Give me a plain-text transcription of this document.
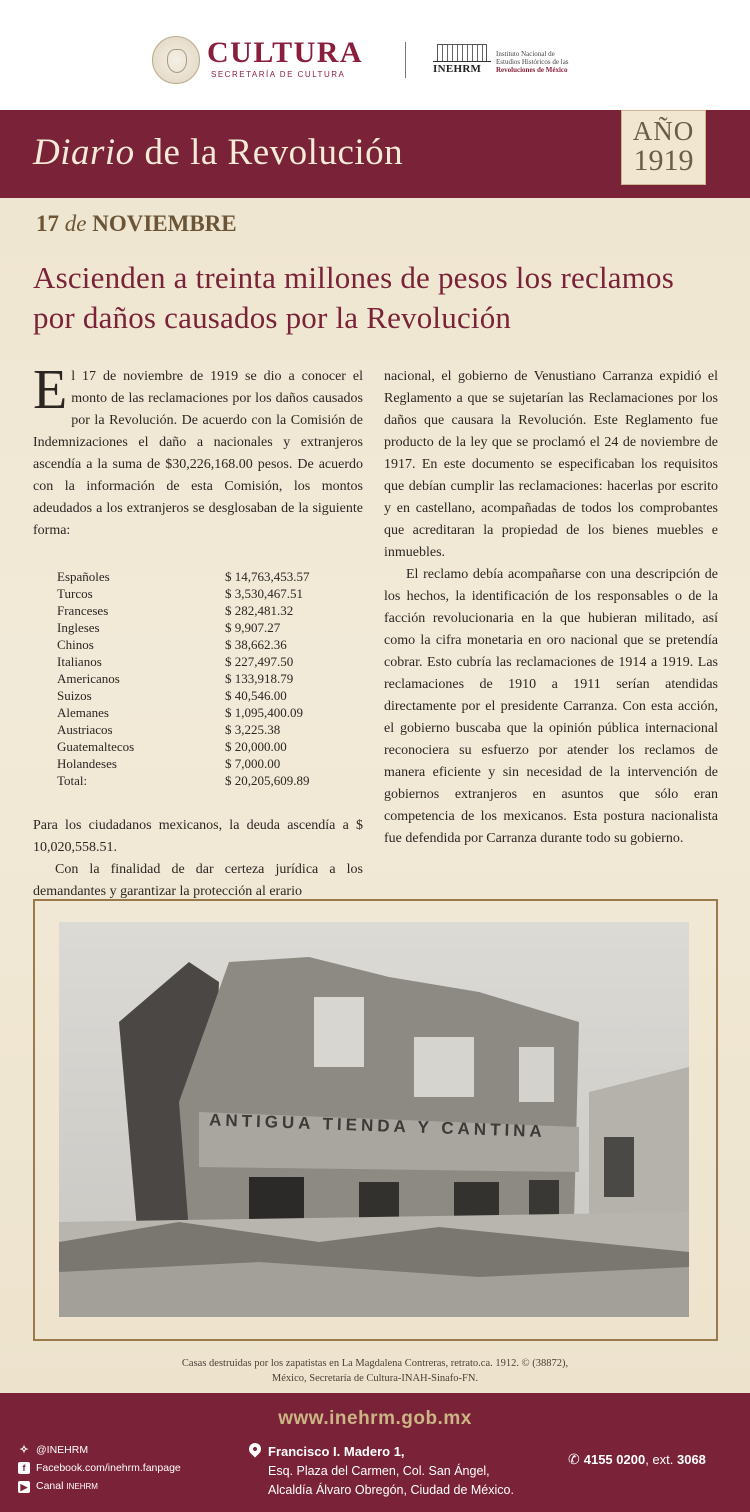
CULTURA
SECRETARÍA DE CULTURA	INEHRM
Instituto Nacional de
Estudios Históricos de las
Revoluciones de México
Diario de la Revolución
AÑO
1919
17 de NOVIEMBRE
Ascienden a treinta millones de pesos los reclamos por daños causados por la Revolución

El 17 de noviembre de 1919 se dio a conocer el monto de las reclamaciones por los daños causados por la Revolución. De acuerdo con la Comisión de Indemnizaciones el daño a nacionales y extranjeros ascendía a la suma de $30,226,168.00 pesos. De acuerdo con la información de esta Comisión, los montos adeudados a los extranjeros se desglosaban de la siguiente forma:

Españoles	$ 14,763,453.57
Turcos	$ 3,530,467.51
Franceses	$ 282,481.32
Ingleses	$ 9,907.27
Chinos	$ 38,662.36
Italianos	$ 227,497.50
Americanos	$ 133,918.79
Suizos	$ 40,546.00
Alemanes	$ 1,095,400.09
Austriacos	$ 3,225.38
Guatemaltecos	$ 20,000.00
Holandeses	$ 7,000.00
Total:	$ 20,205,609.89

Para los ciudadanos mexicanos, la deuda ascendía a $ 10,020,558.51.

Con la finalidad de dar certeza jurídica a los demandantes y garantizar la protección al erario

nacional, el gobierno de Venustiano Carranza expidió el Reglamento a que se sujetarían las Reclamaciones por los daños que causara la Revolución. Este Reglamento fue producto de la ley que se proclamó el 24 de noviembre de 1917. En este documento se especificaban los requisitos que debían cumplir las reclamaciones: hacerlas por escrito y en castellano, acompañadas de todos los comprobantes que acreditaran la propiedad de los bienes muebles e inmuebles.

El reclamo debía acompañarse con una descripción de los hechos, la identificación de los responsables o de la facción revolucionaria en la que hubieran militado, así como la cifra monetaria en oro nacional que se pretendía cobrar. Esto cubría las reclamaciones de 1914 a 1919. Las reclamaciones de 1910 a 1911 serían atendidas directamente por el presidente Carranza. Con esta acción, el gobierno buscaba que la opinión pública internacional reconociera su esfuerzo por atender los reclamos de manera eficiente y sin necesidad de la intervención de gobiernos extranjeros en asuntos que sólo eran competencia de los mexicanos. Esta postura nacionalista fue defendida por Carranza durante todo su gobierno.

ANTIGUA TIENDA Y CANTINA
Casas destruidas por los zapatistas en La Magdalena Contreras, retrato.ca. 1912. © (38872),
México, Secretaría de Cultura-INAH-Sinafo-FN.
www.inehrm.gob.mx
✧ @INEHRM
f	Facebook.com/inehrm.fanpage
▶ Canal INEHRM
Francisco I. Madero 1,
Esq. Plaza del Carmen, Col. San Ángel,
Alcaldía Álvaro Obregón, Ciudad de México.
✆ 4155 0200, ext. 3068
